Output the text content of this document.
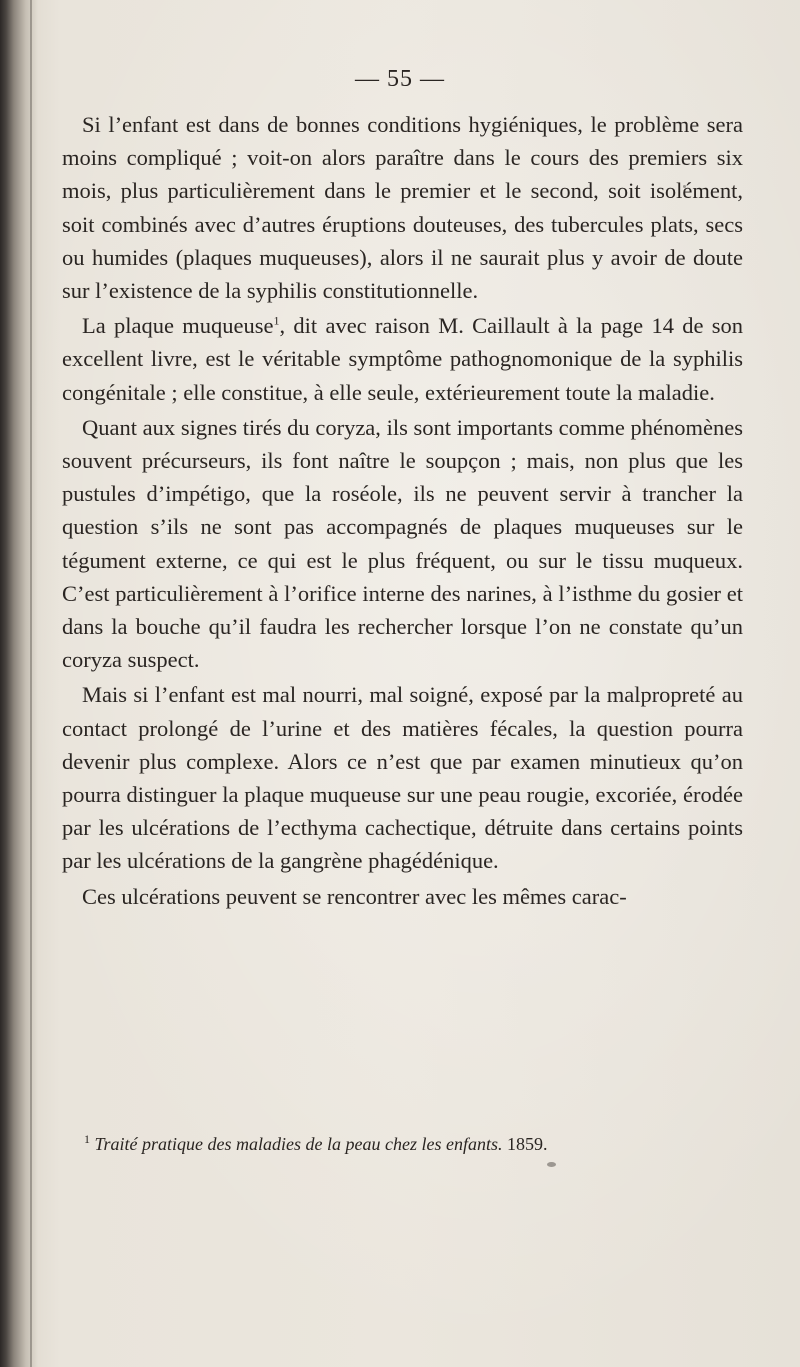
— 55 —

Si l’enfant est dans de bonnes conditions hygiéniques, le problème sera moins compliqué ; voit-on alors paraître dans le cours des premiers six mois, plus particulièrement dans le premier et le second, soit isolément, soit combinés avec d’autres éruptions douteuses, des tubercules plats, secs ou humides (plaques muqueuses), alors il ne saurait plus y avoir de doute sur l’existence de la syphilis constitutionnelle.

La plaque muqueuse$^1$, dit avec raison M. Caillault à la page 14 de son excellent livre, est le véritable symptôme pathognomonique de la syphilis congénitale ; elle constitue, à elle seule, extérieurement toute la maladie.

Quant aux signes tirés du coryza, ils sont importants comme phénomènes souvent précurseurs, ils font naître le soupçon ; mais, non plus que les pustules d’impétigo, que la roséole, ils ne peuvent servir à trancher la question s’ils ne sont pas accompagnés de plaques muqueuses sur le tégument externe, ce qui est le plus fréquent, ou sur le tissu muqueux. C’est particulièrement à l’orifice interne des narines, à l’isthme du gosier et dans la bouche qu’il faudra les rechercher lorsque l’on ne constate qu’un coryza suspect.

Mais si l’enfant est mal nourri, mal soigné, exposé par la malpropreté au contact prolongé de l’urine et des matières fécales, la question pourra devenir plus complexe. Alors ce n’est que par examen minutieux qu’on pourra distinguer la plaque muqueuse sur une peau rougie, excoriée, érodée par les ulcérations de l’ecthyma cachectique, détruite dans certains points par les ulcérations de la gangrène phagédénique.

Ces ulcérations peuvent se rencontrer avec les mêmes carac-

$^1$ Traité pratique des maladies de la peau chez les enfants. 1859.
